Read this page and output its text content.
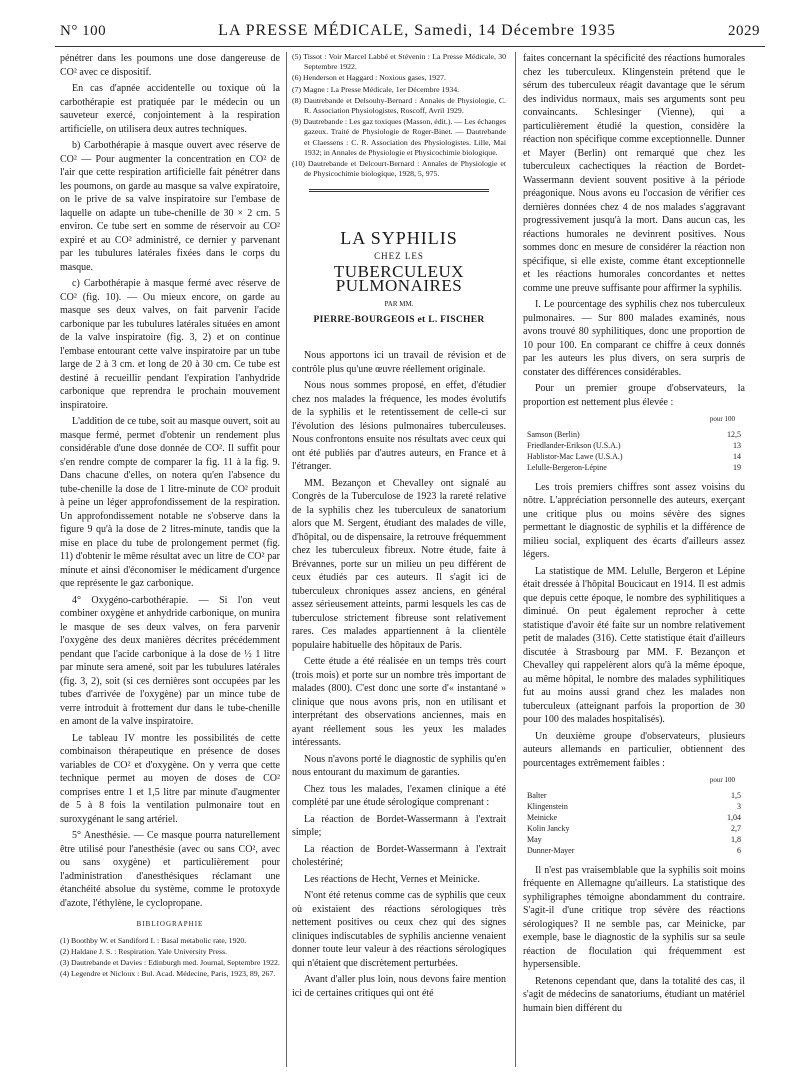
N° 100	LA PRESSE MÉDICALE, Samedi, 14 Décembre 1935	2029

pénétrer dans les poumons une dose dangereuse de CO² avec ce dispositif.

En cas d'apnée accidentelle ou toxique où la carbothérapie est pratiquée par le médecin ou un sauveteur exercé, conjointement à la respiration artificielle, on utilisera deux autres techniques.

b) Carbothérapie à masque ouvert avec réserve de CO² — Pour augmenter la concentration en CO² de l'air que cette respiration artificielle fait pénétrer dans les poumons, on garde au masque sa valve expiratoire, on le prive de sa valve inspiratoire sur l'embase de laquelle on adapte un tube-chenille de 30 × 2 cm. 5 environ. Ce tube sert en somme de réservoir au CO² expiré et au CO² administré, ce dernier y parvenant par les tubulures latérales fixées dans le corps du masque.

c) Carbothérapie à masque fermé avec réserve de CO² (fig. 10). — Ou mieux encore, on garde au masque ses deux valves, on fait parvenir l'acide carbonique par les tubulures latérales situées en amont de la valve inspiratoire (fig. 3, 2) et on continue l'embase entourant cette valve inspiratoire par un tube large de 2 à 3 cm. et long de 20 à 30 cm. Ce tube est destiné à recueillir pendant l'expiration l'anhydride carbonique que reprendra le prochain mouvement inspiratoire.

L'addition de ce tube, soit au masque ouvert, soit au masque fermé, permet d'obtenir un rendement plus considérable d'une dose donnée de CO². Il suffit pour s'en rendre compte de comparer la fig. 11 à la fig. 9. Dans chacune d'elles, on notera qu'en l'absence du tube-chenille la dose de 1 litre-minute de CO² produit à peine un léger approfondissement de la respiration. Un approfondissement notable ne s'observe dans la figure 9 qu'à la dose de 2 litres-minute, tandis que la mise en place du tube de prolongement permet (fig. 11) d'obtenir le même résultat avec un litre de CO² par minute et ainsi d'économiser le médicament d'urgence que représente le gaz carbonique.

4° Oxygéno-carbothérapie. — Si l'on veut combiner oxygène et anhydride carbonique, on munira le masque de ses deux valves, on fera parvenir l'oxygène des deux manières décrites précédemment pendant que l'acide carbonique à la dose de ½ 1 litre par minute sera amené, soit par les tubulures latérales (fig. 3, 2), soit (si ces dernières sont occupées par les tubes d'arrivée de l'oxygène) par un mince tube de verre introduit à frottement dur dans le tube-chenille en amont de la valve inspiratoire.

Le tableau IV montre les possibilités de cette combinaison thérapeutique en présence de doses variables de CO² et d'oxygène. On y verra que cette technique permet au moyen de doses de CO² comprises entre 1 et 1,5 litre par minute d'augmenter de 5 à 8 fois la ventilation pulmonaire tout en suroxygénant le sang artériel.

5° Anesthésie. — Ce masque pourra naturellement être utilisé pour l'anesthésie (avec ou sans CO², avec ou sans oxygène) et particulièrement pour l'administration d'anesthésiques réclamant une étanchéité absolue du système, comme le protoxyde d'azote, l'éthylène, le cyclopropane.

BIBLIOGRAPHIE

(1) Boothby W. et Sandiford I. : Basal metabolic rate, 1920.

(2) Haldane J. S. : Respiration. Yale University Press.

(3) Dautrebande et Davies : Edinburgh med. Journal, Septembre 1922.

(4) Legendre et Nicloux : Bul. Acad. Médecine, Paris, 1923, 89, 267.

(5) Tissot : Voir Marcel Labbé et Stévenin : La Presse Médicale, 30 Septembre 1922.

(6) Henderson et Haggard : Noxious gases, 1927.

(7) Magne : La Presse Médicale, 1er Décembre 1934.

(8) Dautrebande et Delsouhy-Bernard : Annales de Physiologie, C. R. Association Physiologistes, Roscoff, Avril 1929.

(9) Dautrebande : Les gaz toxiques (Masson, édit.). — Les échanges gazeux. Traité de Physiologie de Roger-Binet. — Dautrebande et Claessens : C. R. Association des Physiologistes. Lille, Mai 1932; in Annales de Physiologie et Physicochimie biologique.

(10) Dautrebande et Delcourt-Bernard : Annales de Physiologie et de Physicochimie biologique, 1928, 5, 975.

LA SYPHILIS

CHEZ LES

TUBERCULEUX PULMONAIRES

PAR MM.

PIERRE-BOURGEOIS et L. FISCHER

Nous apportons ici un travail de révision et de contrôle plus qu'une œuvre réellement originale.

Nous nous sommes proposé, en effet, d'étudier chez nos malades la fréquence, les modes évolutifs de la syphilis et le retentissement de celle-ci sur l'évolution des lésions pulmonaires tuberculeuses. Nous confrontons ensuite nos résultats avec ceux qui ont été publiés par d'autres auteurs, en France et à l'étranger.

MM. Bezançon et Chevalley ont signalé au Congrès de la Tuberculose de 1923 la rareté relative de la syphilis chez les tuberculeux de sanatorium alors que M. Sergent, étudiant des malades de ville, d'hôpital, ou de dispensaire, la retrouve fréquemment chez les tuberculeux fibreux. Notre étude, faite à Brévannes, porte sur un milieu un peu différent de ceux étudiés par ces auteurs. Il s'agit ici de tuberculeux chroniques assez anciens, en général assez sérieusement atteints, parmi lesquels les cas de tuberculose strictement fibreuse sont relativement rares. Ces malades appartiennent à la clientèle populaire habituelle des hôpitaux de Paris.

Cette étude a été réalisée en un temps très court (trois mois) et porte sur un nombre très important de malades (800). C'est donc une sorte d'« instantané » clinique que nous avons pris, non en utilisant et interprétant des observations anciennes, mais en ayant réellement sous les yeux les malades intéressants.

Nous n'avons porté le diagnostic de syphilis qu'en nous entourant du maximum de garanties.

Chez tous les malades, l'examen clinique a été complété par une étude sérologique comprenant :

La réaction de Bordet-Wassermann à l'extrait simple;

La réaction de Bordet-Wassermann à l'extrait cholestériné;

Les réactions de Hecht, Vernes et Meinicke.

N'ont été retenus comme cas de syphilis que ceux où existaient des réactions sérologiques très nettement positives ou ceux chez qui des signes cliniques indiscutables de syphilis ancienne venaient donner toute leur valeur à des réactions sérologiques qui n'étaient que discrètement perturbées.

Avant d'aller plus loin, nous devons faire mention ici de certaines critiques qui ont été

faites concernant la spécificité des réactions humorales chez les tuberculeux. Klingenstein prétend que le sérum des tuberculeux réagit davantage que le sérum des individus normaux, mais ses arguments sont peu convaincants. Schlesinger (Vienne), qui a particulièrement étudié la question, considère la réaction non spécifique comme exceptionnelle. Dunner et Mayer (Berlin) ont remarqué que chez les tuberculeux cachectiques la réaction de Bordet-Wassermann devient souvent positive à la période préagonique. Nous avons eu l'occasion de vérifier ces dernières données chez 4 de nos malades s'aggravant progressivement jusqu'à la mort. Dans aucun cas, les réactions humorales ne devinrent positives. Nous sommes donc en mesure de considérer la réaction non spécifique, si elle existe, comme étant exceptionnelle et les réactions humorales concordantes et nettes comme une preuve suffisante pour affirmer la syphilis.

I. Le pourcentage des syphilis chez nos tuberculeux pulmonaires. — Sur 800 malades examinés, nous avons trouvé 80 syphilitiques, donc une proportion de 10 pour 100. En comparant ce chiffre à ceux donnés par les auteurs les plus divers, on sera surpris de constater des différences considérables.

Pour un premier groupe d'observateurs, la proportion est nettement plus élevée :

pour 100

Samson (Berlin)	12,5
Friedlander-Erikson (U.S.A.)	13
Hablistor-Mac Lawe (U.S.A.)	14
Lelulle-Bergeron-Lépine	19

Les trois premiers chiffres sont assez voisins du nôtre. L'appréciation personnelle des auteurs, exerçant une critique plus ou moins sévère des signes permettant le diagnostic de syphilis et la différence de milieu social, expliquent des écarts d'ailleurs assez légers.

La statistique de MM. Lelulle, Bergeron et Lépine était dressée à l'hôpital Boucicaut en 1914. Il est admis que depuis cette époque, le nombre des syphilitiques a diminué. On peut également reprocher à cette statistique d'avoir été faite sur un nombre relativement petit de malades (316). Cette statistique était d'ailleurs discutée à Strasbourg par MM. F. Bezançon et Chevalley qui rappelèrent alors qu'à la même époque, au même hôpital, le nombre des malades syphilitiques fut au moins aussi grand chez les malades non tuberculeux (atteignant parfois la proportion de 30 pour 100 des malades hospitalisés).

Un deuxième groupe d'observateurs, plusieurs auteurs allemands en particulier, obtiennent des pourcentages extrêmement faibles :

pour 100

Balter	1,5
Klingenstein	3
Meinicke	1,04
Kolin Jancky	2,7
May	1,8
Dunner-Mayer	6

Il n'est pas vraisemblable que la syphilis soit moins fréquente en Allemagne qu'ailleurs. La statistique des syphiligraphes témoigne abondamment du contraire. S'agit-il d'une critique trop sévère des réactions sérologiques? Il ne semble pas, car Meinicke, par exemple, base le diagnostic de la syphilis sur sa seule réaction de floculation qui fréquemment est hypersensible.

Retenons cependant que, dans la totalité des cas, il s'agit de médecins de sanatoriums, étudiant un matériel humain bien différent du
